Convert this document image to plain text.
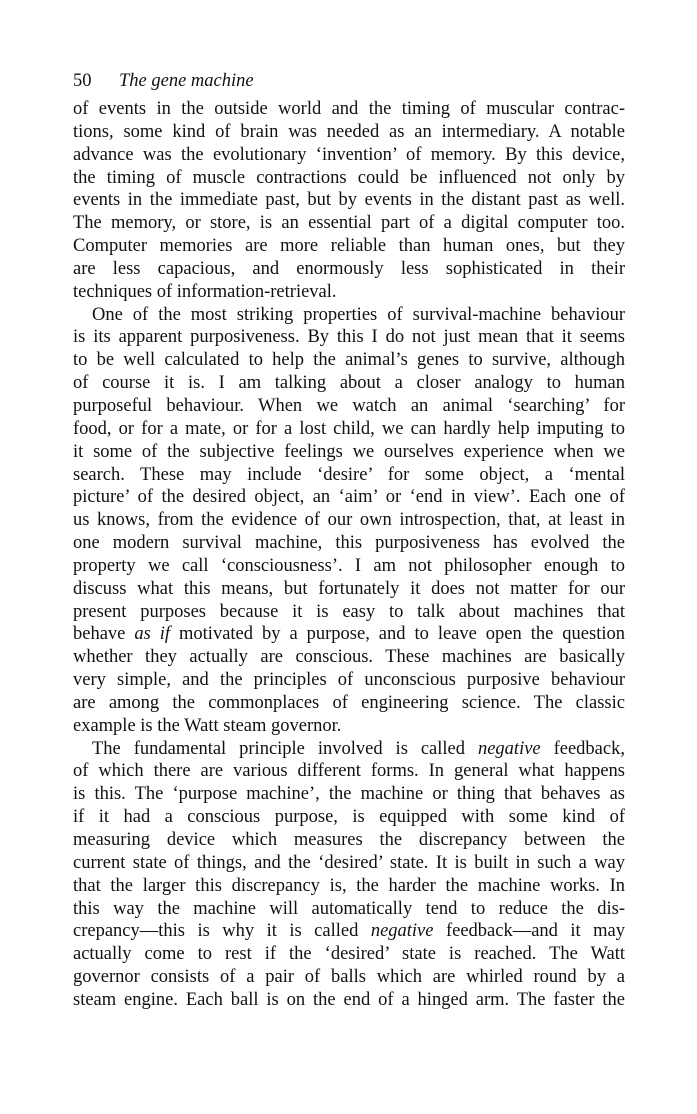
50 The gene machine
of events in the outside world and the timing of muscular contrac-
tions, some kind of brain was needed as an intermediary. A notable
advance was the evolutionary ‘invention’ of memory. By this device,
the timing of muscle contractions could be influenced not only by
events in the immediate past, but by events in the distant past as well.
The memory, or store, is an essential part of a digital computer too.
Computer memories are more reliable than human ones, but they
are less capacious, and enormously less sophisticated in their
techniques of information-retrieval.
One of the most striking properties of survival-machine behaviour
is its apparent purposiveness. By this I do not just mean that it seems
to be well calculated to help the animal’s genes to survive, although
of course it is. I am talking about a closer analogy to human
purposeful behaviour. When we watch an animal ‘searching’ for
food, or for a mate, or for a lost child, we can hardly help imputing to
it some of the subjective feelings we ourselves experience when we
search. These may include ‘desire’ for some object, a ‘mental
picture’ of the desired object, an ‘aim’ or ‘end in view’. Each one of
us knows, from the evidence of our own introspection, that, at least in
one modern survival machine, this purposiveness has evolved the
property we call ‘consciousness’. I am not philosopher enough to
discuss what this means, but fortunately it does not matter for our
present purposes because it is easy to talk about machines that
behave as if motivated by a purpose, and to leave open the question
whether they actually are conscious. These machines are basically
very simple, and the principles of unconscious purposive behaviour
are among the commonplaces of engineering science. The classic
example is the Watt steam governor.
The fundamental principle involved is called negative feedback,
of which there are various different forms. In general what happens
is this. The ‘purpose machine’, the machine or thing that behaves as
if it had a conscious purpose, is equipped with some kind of
measuring device which measures the discrepancy between the
current state of things, and the ‘desired’ state. It is built in such a way
that the larger this discrepancy is, the harder the machine works. In
this way the machine will automatically tend to reduce the dis-
crepancy—this is why it is called negative feedback—and it may
actually come to rest if the ‘desired’ state is reached. The Watt
governor consists of a pair of balls which are whirled round by a
steam engine. Each ball is on the end of a hinged arm. The faster the
